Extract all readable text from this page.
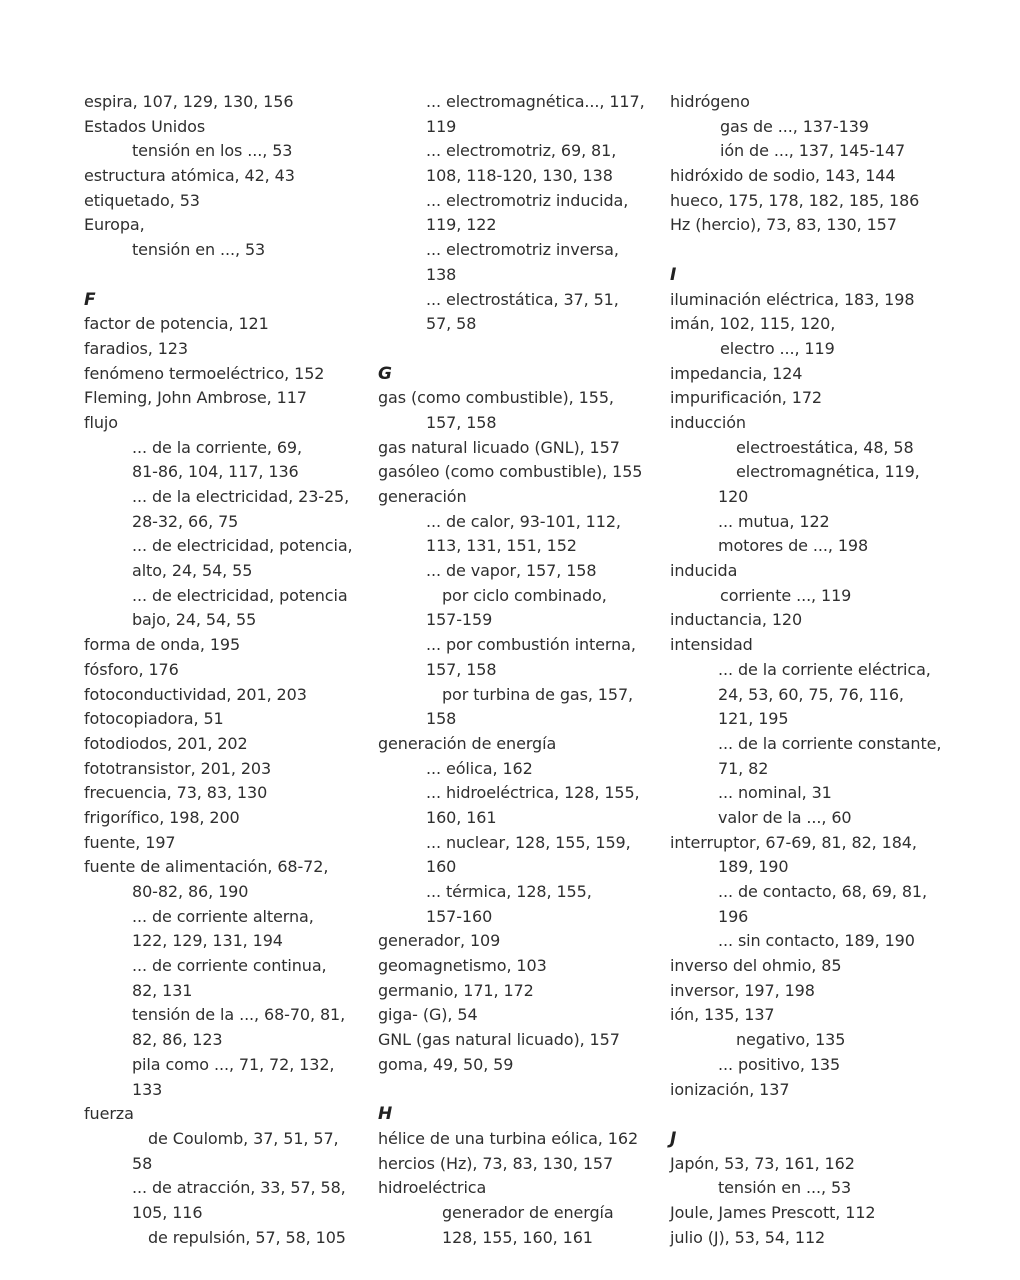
espira, 107, 129, 130, 156
Estados Unidos
tensión en los ..., 53
estructura atómica, 42, 43
etiquetado, 53
Europa,
tensión en ..., 53
F
factor de potencia, 121
faradios, 123
fenómeno termoeléctrico, 152
Fleming, John Ambrose, 117
flujo
... de la corriente, 69,
81-86, 104, 117, 136
... de la electricidad, 23-25,
28-32, 66, 75
... de electricidad, potencia,
alto, 24, 54, 55
... de electricidad, potencia
bajo, 24, 54, 55
forma de onda, 195
fósforo, 176
fotoconductividad, 201, 203
fotocopiadora, 51
fotodiodos, 201, 202
fototransistor, 201, 203
frecuencia, 73, 83, 130
frigorífico, 198, 200
fuente, 197
fuente de alimentación, 68-72,
80-82, 86, 190
... de corriente alterna,
122, 129, 131, 194
... de corriente continua,
82, 131
tensión de la ..., 68-70, 81,
82, 86, 123
pila como ..., 71, 72, 132,
133
fuerza
de Coulomb, 37, 51, 57,
58
... de atracción, 33, 57, 58,
105, 116
de repulsión, 57, 58, 105
... electromagnética..., 117,
119
... electromotriz, 69, 81,
108, 118-120, 130, 138
... electromotriz inducida,
119, 122
... electromotriz inversa,
138
... electrostática, 37, 51,
57, 58
G
gas (como combustible), 155,
157, 158
gas natural licuado (GNL), 157
gasóleo (como combustible), 155
generación
... de calor, 93-101, 112,
113, 131, 151, 152
... de vapor, 157, 158
por ciclo combinado,
157-159
... por combustión interna,
157, 158
por turbina de gas, 157,
158
generación de energía
... eólica, 162
... hidroeléctrica, 128, 155,
160, 161
... nuclear, 128, 155, 159,
160
... térmica, 128, 155,
157-160
generador, 109
geomagnetismo, 103
germanio, 171, 172
giga- (G), 54
GNL (gas natural licuado), 157
goma, 49, 50, 59
H
hélice de una turbina eólica, 162
hercios (Hz), 73, 83, 130, 157
hidroeléctrica
generador de energía
128, 155, 160, 161
hidrógeno
gas de ..., 137-139
ión de ..., 137, 145-147
hidróxido de sodio, 143, 144
hueco, 175, 178, 182, 185, 186
Hz (hercio), 73, 83, 130, 157
I
iluminación eléctrica, 183, 198
imán, 102, 115, 120,
electro ..., 119
impedancia, 124
impurificación, 172
inducción
electroestática, 48, 58
electromagnética, 119,
120
... mutua, 122
motores de ..., 198
inducida
corriente ..., 119
inductancia, 120
intensidad
... de la corriente eléctrica,
24, 53, 60, 75, 76, 116,
121, 195
... de la corriente constante,
71, 82
... nominal, 31
valor de la ..., 60
interruptor, 67-69, 81, 82, 184,
189, 190
... de contacto, 68, 69, 81,
196
... sin contacto, 189, 190
inverso del ohmio, 85
inversor, 197, 198
ión, 135, 137
negativo, 135
... positivo, 135
ionización, 137
J
Japón, 53, 73, 161, 162
tensión en ..., 53
Joule, James Prescott, 112
julio (J), 53, 54, 112
